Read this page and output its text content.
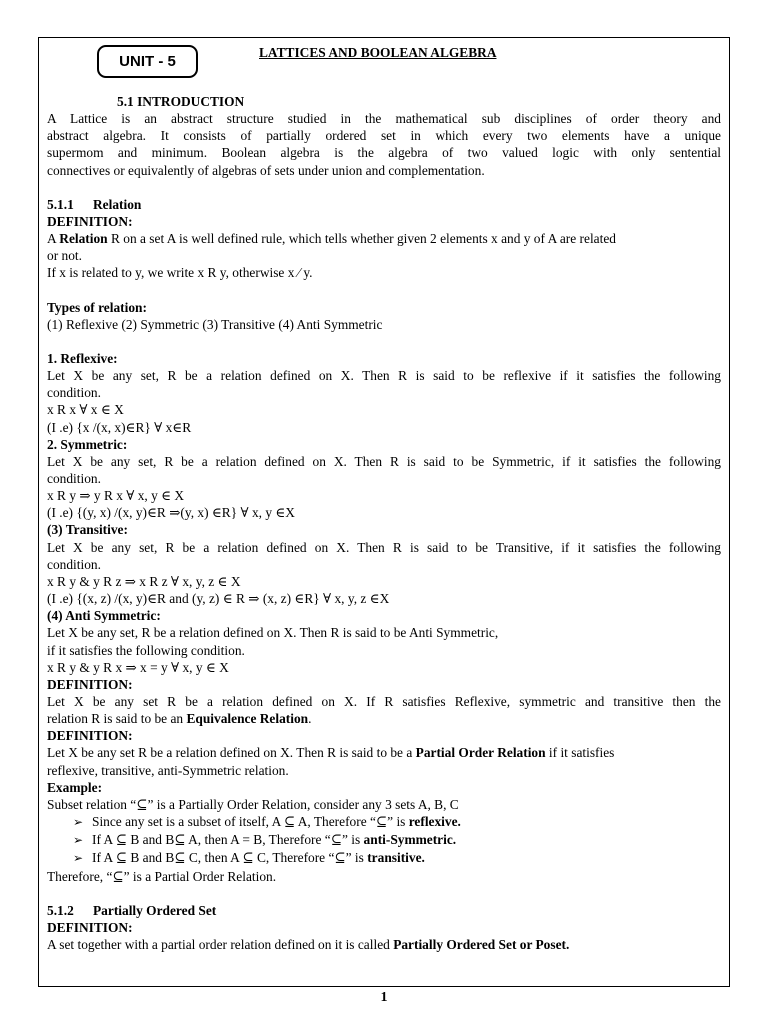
UNIT - 5
LATTICES AND BOOLEAN ALGEBRA
5.1 INTRODUCTION
A Lattice is an abstract structure studied in the mathematical sub disciplines of order theory and
abstract algebra. It consists of partially ordered set in which every two elements have a unique
supermom and minimum. Boolean algebra is the algebra of two valued logic with only sentential
connectives or equivalently of algebras of sets under union and complementation.
5.1.1 Relation
DEFINITION:
A Relation R on a set A is well defined rule, which tells whether given 2 elements x and y of A are related
or not.
If x is related to y, we write x R y, otherwise x ⁄ y.
Types of relation:
(1) Reflexive (2) Symmetric (3) Transitive (4) Anti Symmetric
1. Reflexive:
Let X be any set, R be a relation defined on X. Then R is said to be reflexive if it satisfies the following
condition.
x R x ∀ x ∈ X
(I .e) {x /(x, x)∈R} ∀ x∈R
2. Symmetric:
Let X be any set, R be a relation defined on X. Then R is said to be Symmetric, if it satisfies the following
condition.
x R y ⇒ y R x ∀ x, y ∈ X
(I .e) {(y, x) /(x, y)∈R ⇒(y, x) ∈R} ∀ x, y ∈X
(3) Transitive:
Let X be any set, R be a relation defined on X. Then R is said to be Transitive, if it satisfies the following
condition.
x R y & y R z ⇒ x R z ∀ x, y, z ∈ X
(I .e) {(x, z) /(x, y)∈R and (y, z) ∈ R ⇒ (x, z) ∈R} ∀ x, y, z ∈X
(4) Anti Symmetric:
Let X be any set, R be a relation defined on X. Then R is said to be Anti Symmetric,
if it satisfies the following condition.
x R y & y R x ⇒ x = y ∀ x, y ∈ X
DEFINITION:
Let X be any set R be a relation defined on X. If R satisfies Reflexive, symmetric and transitive then the
relation R is said to be an Equivalence Relation.
DEFINITION:
Let X be any set R be a relation defined on X. Then R is said to be a Partial Order Relation if it satisfies
reflexive, transitive, anti-Symmetric relation.
Example:
Subset relation “⊆” is a Partially Order Relation, consider any 3 sets A, B, C
➢ Since any set is a subset of itself, A ⊆ A, Therefore “⊆” is reflexive.
➢ If A ⊆ B and B⊆ A, then A = B, Therefore “⊆” is anti-Symmetric.
➢ If A ⊆ B and B⊆ C, then A ⊆ C, Therefore “⊆” is transitive.
Therefore, “⊆” is a Partial Order Relation.
5.1.2 Partially Ordered Set
DEFINITION:
A set together with a partial order relation defined on it is called Partially Ordered Set or Poset.
1
